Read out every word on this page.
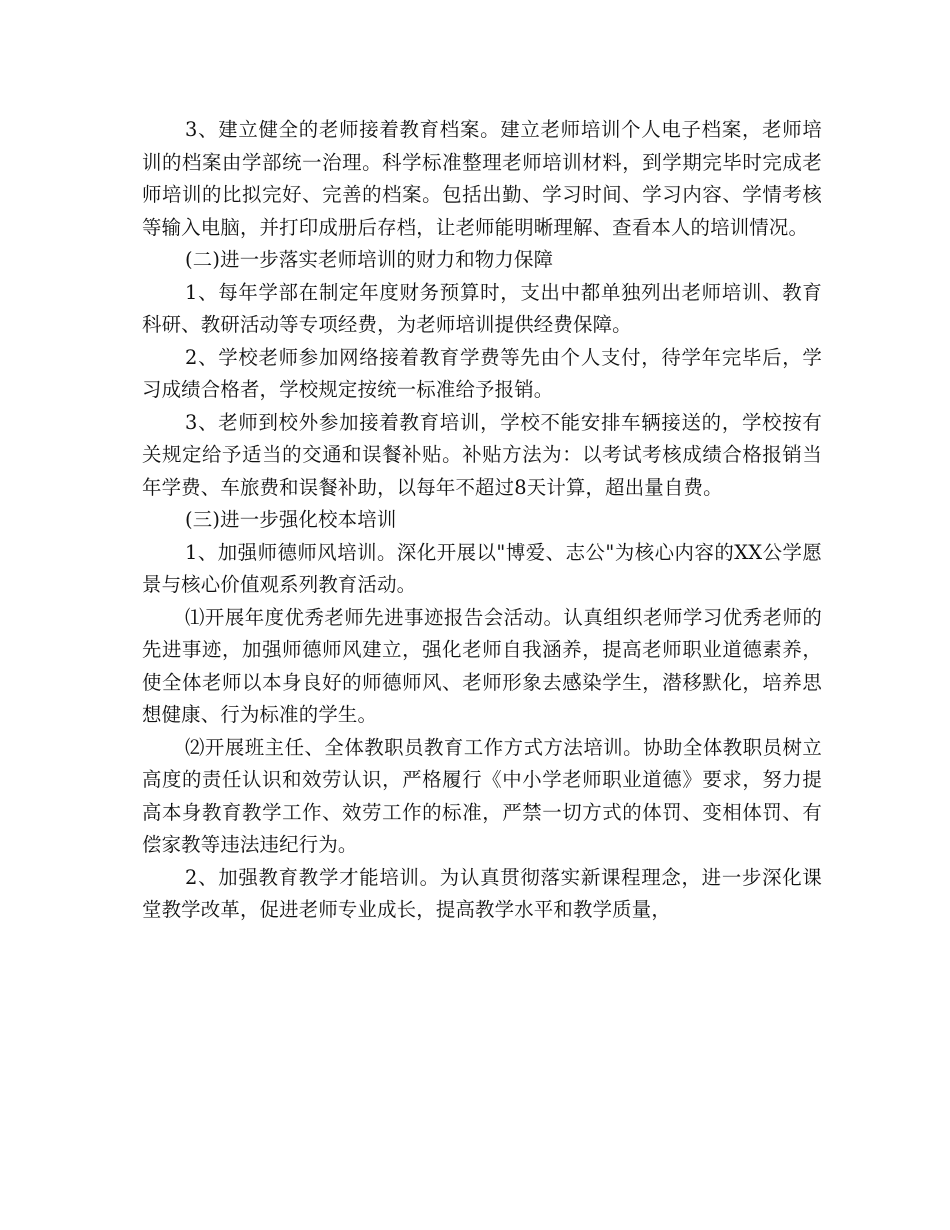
3、建立健全的老师接着教育档案。建立老师培训个人电子档案，老师培训的档案由学部统一治理。科学标准整理老师培训材料，到学期完毕时完成老师培训的比拟完好、完善的档案。包括出勤、学习时间、学习内容、学情考核等输入电脑，并打印成册后存档，让老师能明晰理解、查看本人的培训情况。

(二)进一步落实老师培训的财力和物力保障

1、每年学部在制定年度财务预算时，支出中都单独列出老师培训、教育科研、教研活动等专项经费，为老师培训提供经费保障。

2、学校老师参加网络接着教育学费等先由个人支付，待学年完毕后，学习成绩合格者，学校规定按统一标准给予报销。

3、老师到校外参加接着教育培训，学校不能安排车辆接送的，学校按有关规定给予适当的交通和误餐补贴。补贴方法为：以考试考核成绩合格报销当年学费、车旅费和误餐补助，以每年不超过8天计算，超出量自费。

(三)进一步强化校本培训

1、加强师德师风培训。深化开展以"博爱、志公"为核心内容的XX公学愿景与核心价值观系列教育活动。

⑴开展年度优秀老师先进事迹报告会活动。认真组织老师学习优秀老师的先进事迹，加强师德师风建立，强化老师自我涵养，提高老师职业道德素养，使全体老师以本身良好的师德师风、老师形象去感染学生，潜移默化，培养思想健康、行为标准的学生。

⑵开展班主任、全体教职员教育工作方式方法培训。协助全体教职员树立高度的责任认识和效劳认识，严格履行《中小学老师职业道德》要求，努力提高本身教育教学工作、效劳工作的标准，严禁一切方式的体罚、变相体罚、有偿家教等违法违纪行为。

2、加强教育教学才能培训。为认真贯彻落实新课程理念，进一步深化课堂教学改革，促进老师专业成长，提高教学水平和教学质量，
